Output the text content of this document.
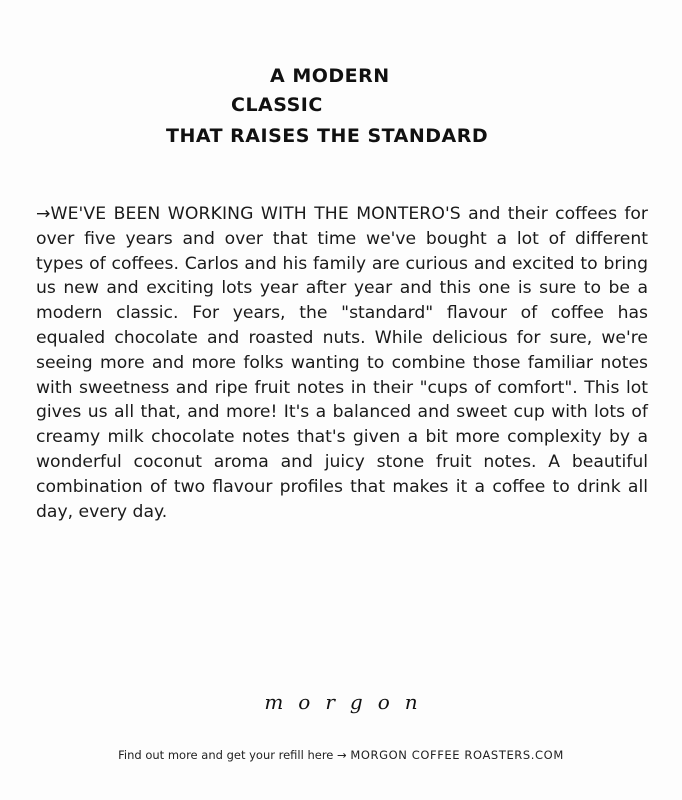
A MODERN
CLASSIC
THAT RAISES THE STANDARD
→WE'VE BEEN WORKING WITH THE MONTERO'S and their coffees for over five years and over that time we've bought a lot of different types of coffees. Carlos and his family are curious and excited to bring us new and exciting lots year after year and this one is sure to be a modern classic. For years, the "standard" flavour of coffee has equaled chocolate and roasted nuts. While delicious for sure, we're seeing more and more folks wanting to combine those familiar notes with sweetness and ripe fruit notes in their "cups of comfort". This lot gives us all that, and more! It's a balanced and sweet cup with lots of creamy milk chocolate notes that's given a bit more complexity by a wonderful coconut aroma and juicy stone fruit notes. A beautiful combination of two flavour profiles that makes it a coffee to drink all day, every day.
morgon
Find out more and get your refill here → MORGON COFFEE ROASTERS.COM
